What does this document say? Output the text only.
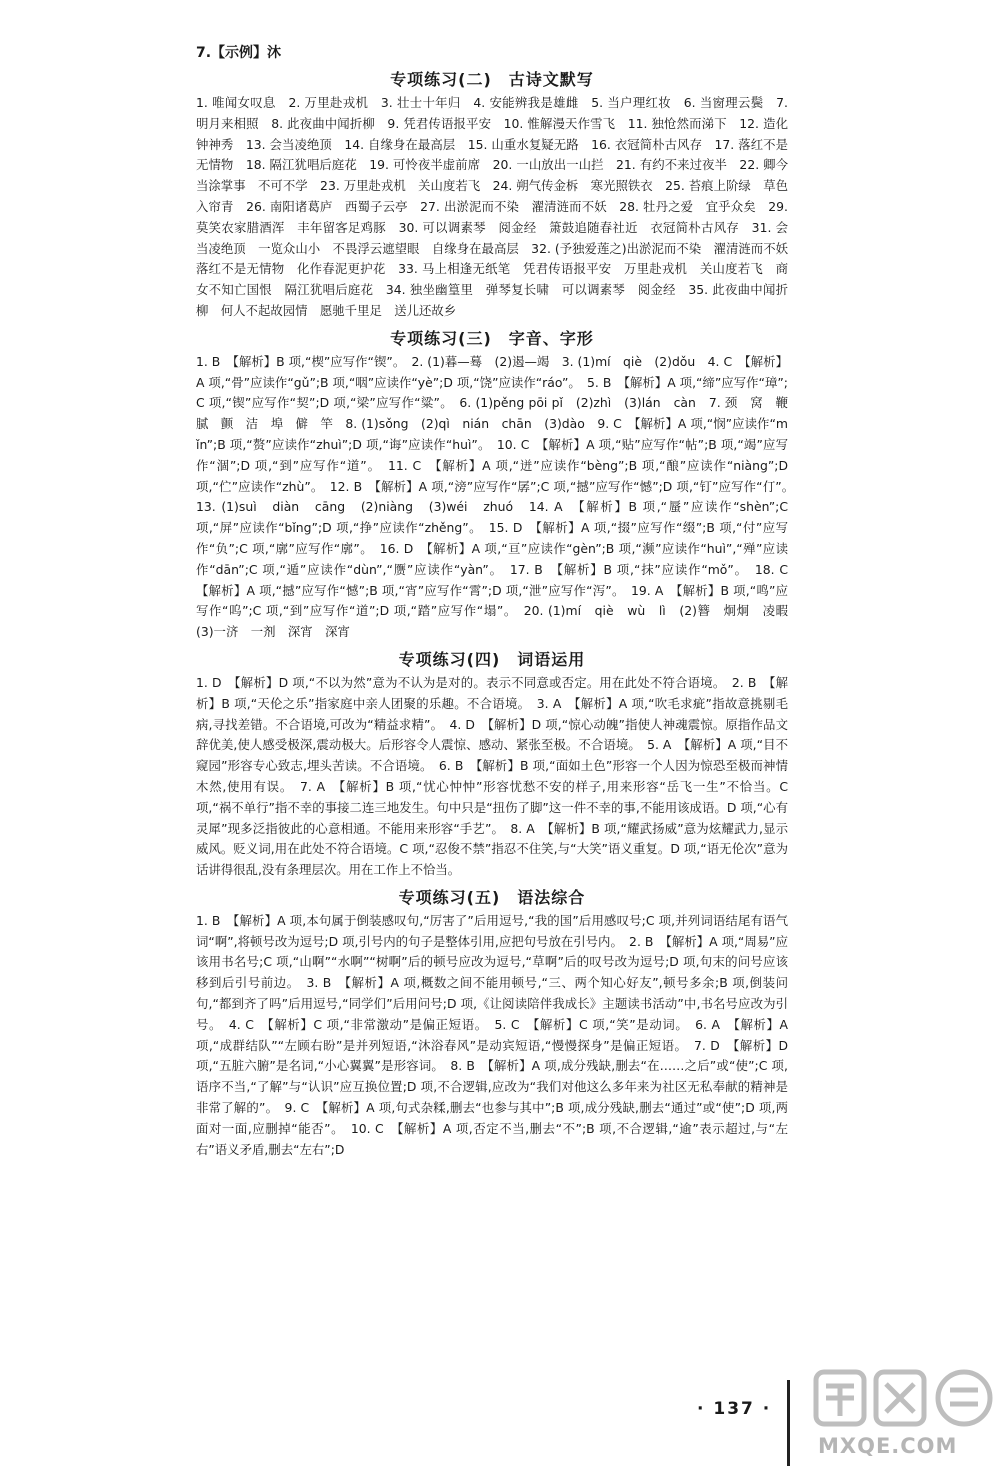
7.【示例】沐
专项练习(二)　古诗文默写

1. 唯闻女叹息　2. 万里赴戎机　3. 壮士十年归　4. 安能辨我是雄雌　5. 当户理红妆　6. 当窗理云鬓　7. 明月来相照　8. 此夜曲中闻折柳　9. 凭君传语报平安　10. 惟解漫天作雪飞　11. 独怆然而涕下　12. 造化钟神秀　13. 会当凌绝顶　14. 自缘身在最高层　15. 山重水复疑无路　16. 衣冠简朴古风存　17. 落红不是无情物　18. 隔江犹唱后庭花　19. 可怜夜半虚前席　20. 一山放出一山拦　21. 有约不来过夜半　22. 卿今当涂掌事　不可不学　23. 万里赴戎机　关山度若飞　24. 朔气传金柝　寒光照铁衣　25. 苔痕上阶绿　草色入帘青　26. 南阳诸葛庐　西蜀子云亭　27. 出淤泥而不染　濯清涟而不妖　28. 牡丹之爱　宜乎众矣　29. 莫笑农家腊酒浑　丰年留客足鸡豚　30. 可以调素琴　阅金经　箫鼓追随春社近　衣冠简朴古风存　31. 会当凌绝顶　一览众山小　不畏浮云遮望眼　自缘身在最高层　32. (予独爱莲之)出淤泥而不染　濯清涟而不妖　落红不是无情物　化作春泥更护花　33. 马上相逢无纸笔　凭君传语报平安　万里赴戎机　关山度若飞　商女不知亡国恨　隔江犹唱后庭花　34. 独坐幽篁里　弹琴复长啸　可以调素琴　阅金经　35. 此夜曲中闻折柳　何人不起故园情　愿驰千里足　送儿还故乡

专项练习(三)　字音、字形

1. B　【解析】B 项,“楔”应写作“锲”。　2. (1)暮—蓦　(2)遏—竭　3. (1)mí　qiè　(2)dǒu　4. C　【解析】A 项,“骨”应读作“gǔ”;B 项,“咽”应读作“yè”;D 项,“饶”应读作“ráo”。　5. B　【解析】A 项,“缔”应写作“璋”;C 项,“锲”应写作“契”;D 项,“梁”应写作“粱”。　6. (1)pěng pōi pǐ　(2)zhì　(3)lán　càn　7. 颈　窝　鞭　腻　颤　洁　埠　僻　竿　8. (1)sǒng　(2)qì　nián　chān　(3)dào　9. C　【解析】A 项,“悯”应读作“mǐn”;B 项,“赘”应读作“zhuì”;D 项,“诲”应读作“huì”。　10. C　【解析】A 项,“贴”应写作“帖”;B 项,“竭”应写作“涸”;D 项,“到”应写作“道”。　11. C　【解析】A 项,“迸”应读作“bèng”;B 项,“酿”应读作“niàng”;D 项,“伫”应读作“zhù”。　12. B　【解析】A 项,“滂”应写作“孱”;C 项,“撼”应写作“憾”;D 项,“钉”应写作“仃”。　13. (1)suì　diàn　cāng　(2)niàng　(3)wéi　zhuó　14. A　【解析】B 项,“蜃”应读作“shèn”;C 项,“屏”应读作“bǐng”;D 项,“挣”应读作“zhěng”。　15. D　【解析】A 项,“掇”应写作“缀”;B 项,“付”应写作“负”;C 项,“廓”应写作“廓”。　16. D　【解析】A 项,“亘”应读作“gèn”;B 项,“濒”应读作“huì”,“殚”应读作“dān”;C 项,“遁”应读作“dùn”,“赝”应读作“yàn”。　17. B　【解析】B 项,“抹”应读作“mǒ”。　18. C　【解析】A 项,“撼”应写作“憾”;B 项,“宵”应写作“霄”;D 项,“泄”应写作“泻”。　19. A　【解析】B 项,“鸣”应写作“呜”;C 项,“到”应写作“道”;D 项,“踏”应写作“塌”。　20. (1)mí　qiè　wù　lì　(2)簪　炯炯　凌暇　(3)一济　一剂　深宵　深宵

专项练习(四)　词语运用

1. D　【解析】D 项,“不以为然”意为不认为是对的。表示不同意或否定。用在此处不符合语境。　2. B　【解析】B 项,“天伦之乐”指家庭中亲人团聚的乐趣。不合语境。　3. A　【解析】A 项,“吹毛求疵”指故意挑剔毛病,寻找差错。不合语境,可改为“精益求精”。　4. D　【解析】D 项,“惊心动魄”指使人神魂震惊。原指作品文辞优美,使人感受极深,震动极大。后形容令人震惊、感动、紧张至极。不合语境。　5. A　【解析】A 项,“目不窥园”形容专心致志,埋头苦读。不合语境。　6. B　【解析】B 项,“面如土色”形容一个人因为惊恐至极而神情木然,使用有误。　7. A　【解析】B 项,“忧心忡忡”形容忧愁不安的样子,用来形容“岳飞一生”不恰当。C 项,“祸不单行”指不幸的事接二连三地发生。句中只是“扭伤了脚”这一件不幸的事,不能用该成语。D 项,“心有灵犀”现多泛指彼此的心意相通。不能用来形容“手艺”。　8. A　【解析】B 项,“耀武扬威”意为炫耀武力,显示威风。贬义词,用在此处不符合语境。C 项,“忍俊不禁”指忍不住笑,与“大笑”语义重复。D 项,“语无伦次”意为话讲得很乱,没有条理层次。用在工作上不恰当。

专项练习(五)　语法综合

1. B　【解析】A 项,本句属于倒装感叹句,“厉害了”后用逗号,“我的国”后用感叹号;C 项,并列词语结尾有语气词“啊”,将顿号改为逗号;D 项,引号内的句子是整体引用,应把句号放在引号内。　2. B　【解析】A 项,“周易”应该用书名号;C 项,“山啊”“水啊”“树啊”后的顿号应改为逗号,“草啊”后的叹号改为逗号;D 项,句末的问号应该移到后引号前边。　3. B　【解析】A 项,概数之间不能用顿号,“三、两个知心好友”,顿号多余;B 项,倒装问句,“都到齐了吗”后用逗号,“同学们”后用问号;D 项,《让阅读陪伴我成长》主题读书活动”中,书名号应改为引号。　4. C　【解析】C 项,“非常激动”是偏正短语。　5. C　【解析】C 项,“笑”是动词。　6. A　【解析】A 项,“成群结队”“左顾右盼”是并列短语,“沐浴春风”是动宾短语,“慢慢探身”是偏正短语。　7. D　【解析】D 项,“五脏六腑”是名词,“小心翼翼”是形容词。　8. B　【解析】A 项,成分残缺,删去“在……之后”或“使”;C 项,语序不当,“了解”与“认识”应互换位置;D 项,不合逻辑,应改为“我们对他这么多年来为社区无私奉献的精神是非常了解的”。　9. C　【解析】A 项,句式杂糅,删去“也参与其中”;B 项,成分残缺,删去“通过”或“使”;D 项,两面对一面,应删掉“能否”。　10. C　【解析】A 项,否定不当,删去“不”;B 项,不合逻辑,“逾”表示超过,与“左右”语义矛盾,删去“左右”;D

· 137 ·
MXQE.COM
